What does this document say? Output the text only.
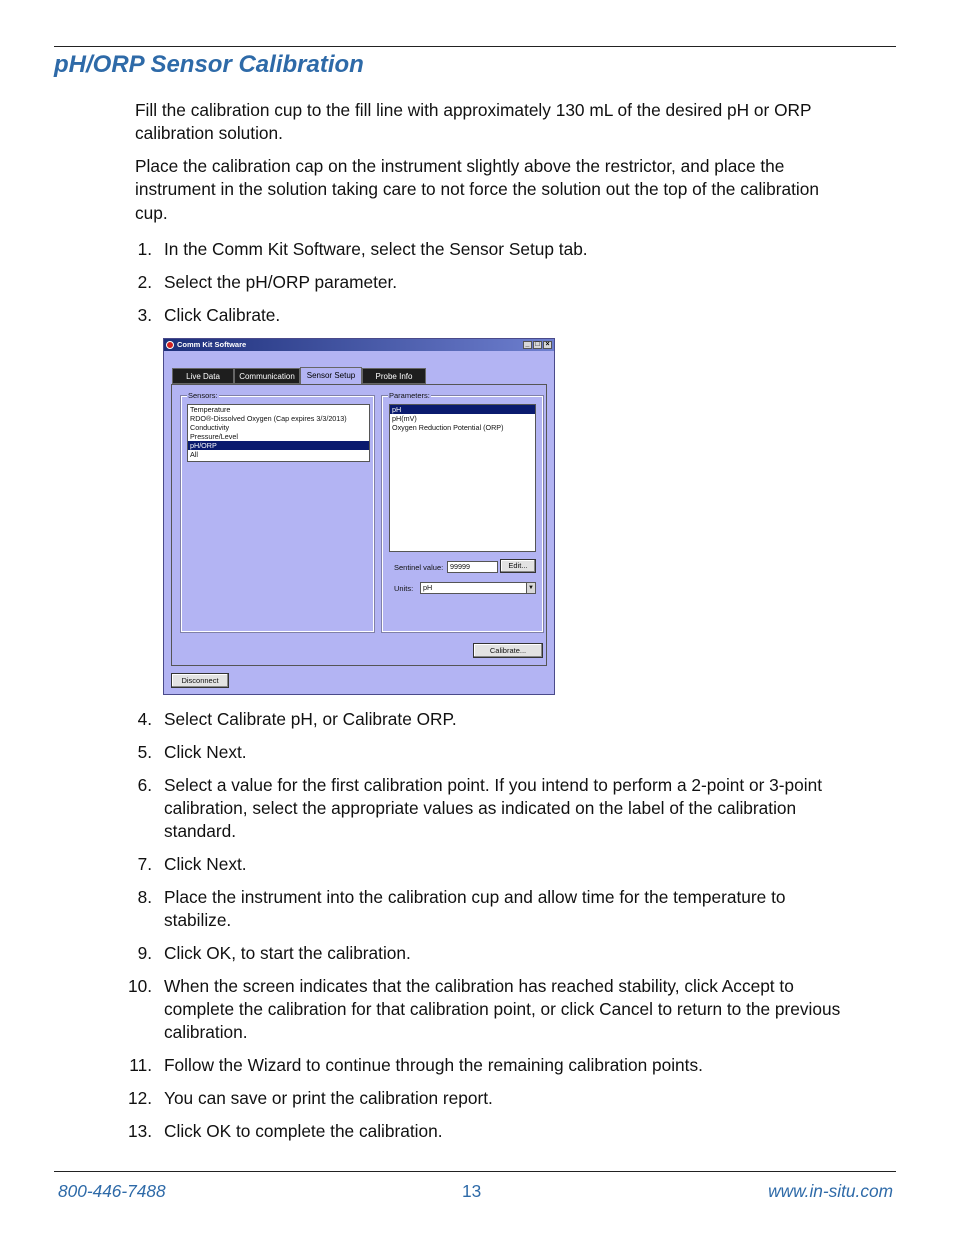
pH/ORP Sensor Calibration

Fill the calibration cup to the fill line with approximately 130 mL of the desired pH or ORP calibration solution.

Place the calibration cap on the instrument slightly above the restrictor, and place the instrument in the solution taking care to not force the solution out the top of the calibration cup.

1. In the Comm Kit Software, select the Sensor Setup tab.
2. Select the pH/ORP parameter.
3. Click Calibrate.
4. Select Calibrate pH, or Calibrate ORP.
5. Click Next.
6. Select a value for the first calibration point. If you intend to perform a 2-point or 3-point calibration, select the appropriate values as indicated on the label of the calibration standard.
7. Click Next.
8. Place the instrument into the calibration cup and allow time for the temperature to stabilize.
9. Click OK, to start the calibration.
10. When the screen indicates that the calibration has reached stability, click Accept to complete the calibration for that calibration point, or click Cancel to return to the previous calibration.
11. Follow the Wizard to continue through the remaining calibration points.
12. You can save or print the calibration report.
13. Click OK to complete the calibration.
Comm Kit Software	_ □ ×
Live Data	Communication	Sensor Setup	Probe Info
Sensors:
Temperature
RDO®-Dissolved Oxygen (Cap expires 3/3/2013)
Conductivity
Pressure/Level
pH/ORP
All
Parameters:
pH
pH(mV)
Oxygen Reduction Potential (ORP)
Sentinel value: 99999	Edit...
Units:	pH	▼
Calibrate...
Disconnect
800-446-7488	13	www.in-situ.com
